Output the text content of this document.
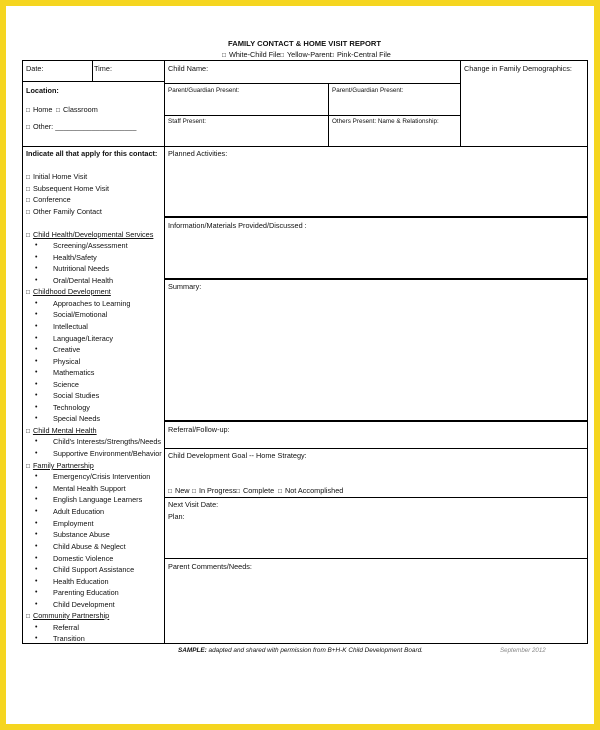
FAMILY CONTACT & HOME VISIT REPORT
□ White-Child File □ Yellow-Parent □ Pink-Central File
Date:	Time:	Child Name:	Change in Family Demographics:
Location:
□ Home	□ Classroom
□ Other: ____________________
Parent/Guardian Present:	Parent/Guardian Present:
Staff Present:	Others Present: Name & Relationship:
Indicate all that apply for this contact:
□ Initial Home Visit
□ Subsequent Home Visit
□ Conference
□ Other Family Contact
□ Child Health/Developmental Services
• Screening/Assessment
• Health/Safety
• Nutritional Needs
• Oral/Dental Health
□ Childhood Development
• Approaches to Learning
• Social/Emotional
• Intellectual
• Language/Literacy
• Creative
• Physical
• Mathematics
• Science
• Social Studies
• Technology
• Special Needs
□ Child Mental Health
• Child's Interests/Strengths/Needs
• Supportive Environment/Behavior
□ Family Partnership
• Emergency/Crisis Intervention
• Mental Health Support
• English Language Learners
• Adult Education
• Employment
• Substance Abuse
• Child Abuse & Neglect
• Domestic Violence
• Child Support Assistance
• Health Education
• Parenting Education
• Child Development
□ Community Partnership
• Referral
• Transition
Planned Activities:
Information/Materials Provided/Discussed :
Summary:
Referral/Follow-up:
Child Development Goal -- Home Strategy:
□ New	□ In Progress □ Complete	□ Not Accomplished
Next Visit Date:
Plan:
Parent Comments/Needs:
SAMPLE: adapted and shared with permission from B+H-K Child Development Board.	September 2012
